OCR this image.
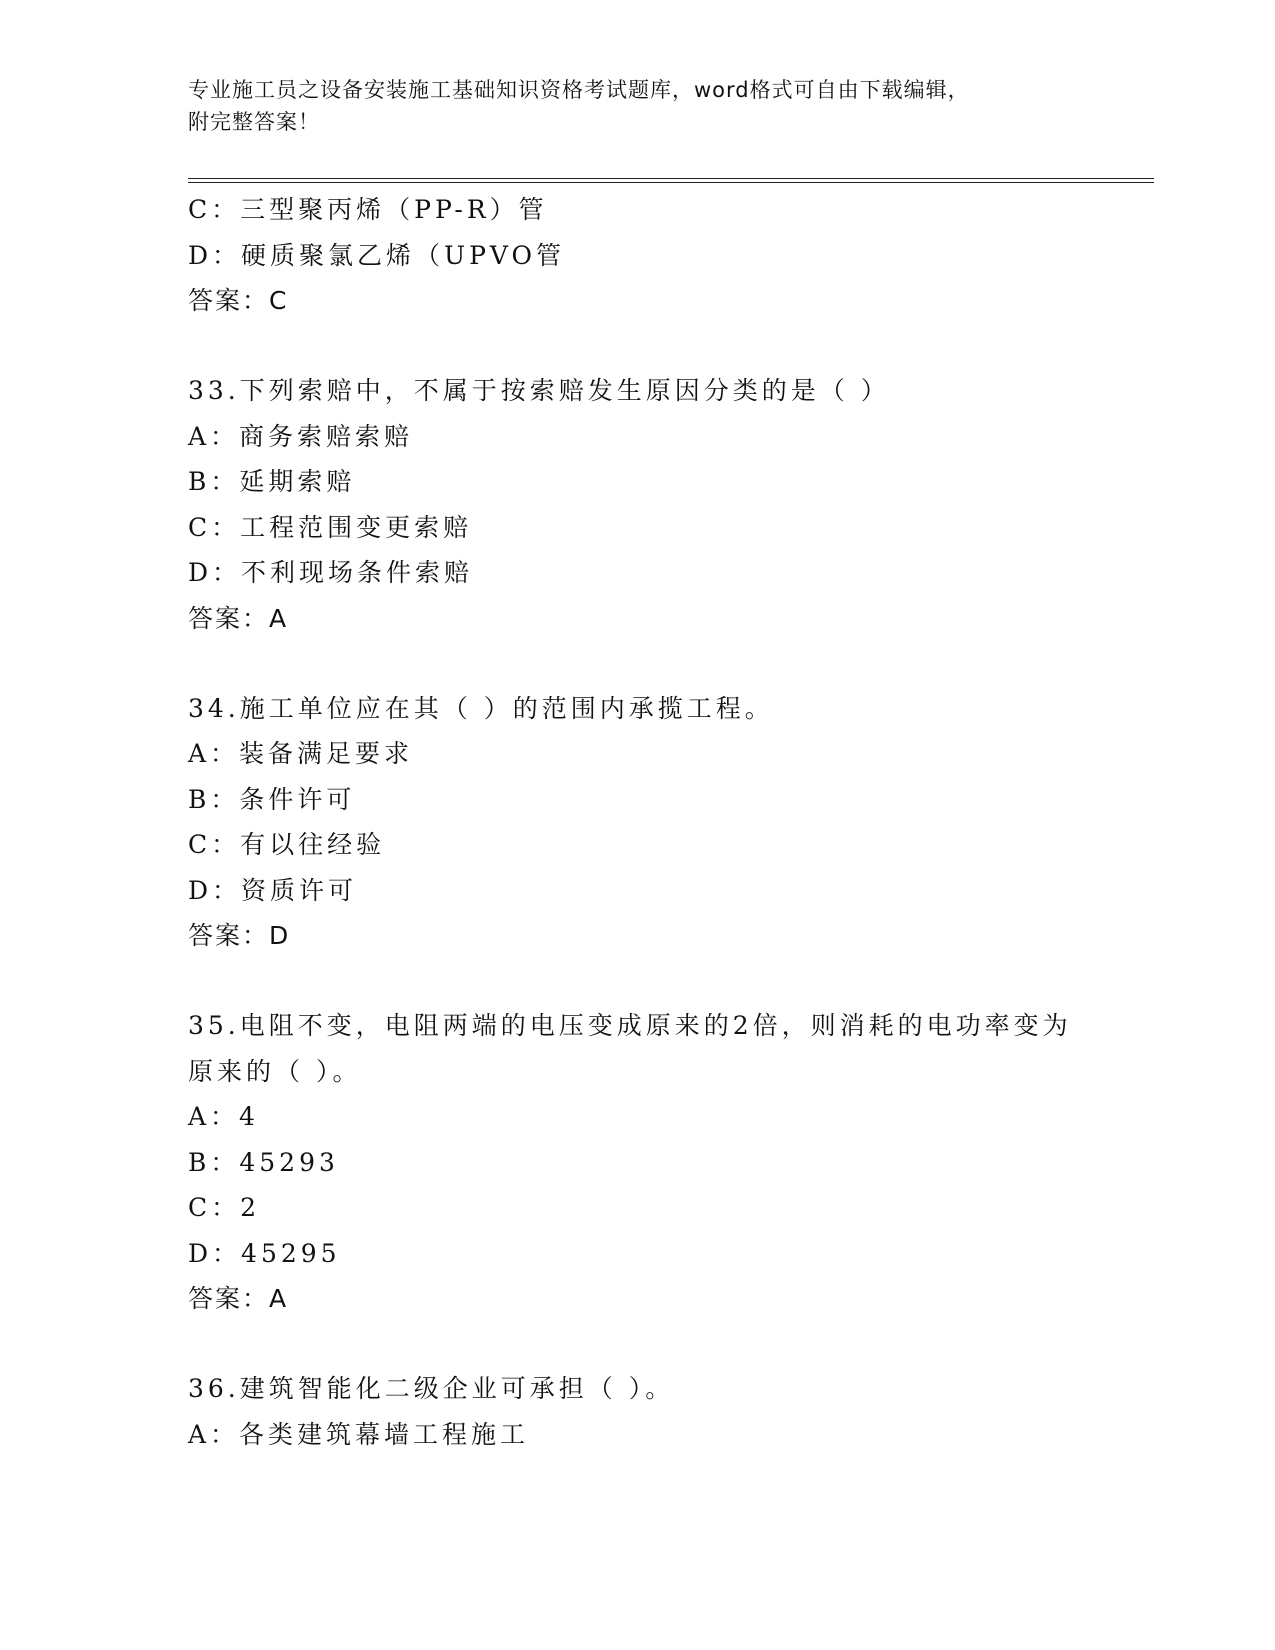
专业施工员之设备安装施工基础知识资格考试题库，word格式可自由下载编辑，
附完整答案！
C：三型聚丙烯（PP-R）管
D：硬质聚氯乙烯（UPVO管
答案：C
33.下列索赔中，不属于按索赔发生原因分类的是（ ）
A：商务索赔索赔
B：延期索赔
C：工程范围变更索赔
D：不利现场条件索赔
答案：A
34.施工单位应在其（ ）的范围内承揽工程。
A：装备满足要求
B：条件许可
C：有以往经验
D：资质许可
答案：D
35.电阻不变，电阻两端的电压变成原来的2倍，则消耗的电功率变为
原来的（ ）。
A：4
B：45293
C：2
D：45295
答案：A
36.建筑智能化二级企业可承担（ ）。
A：各类建筑幕墙工程施工
